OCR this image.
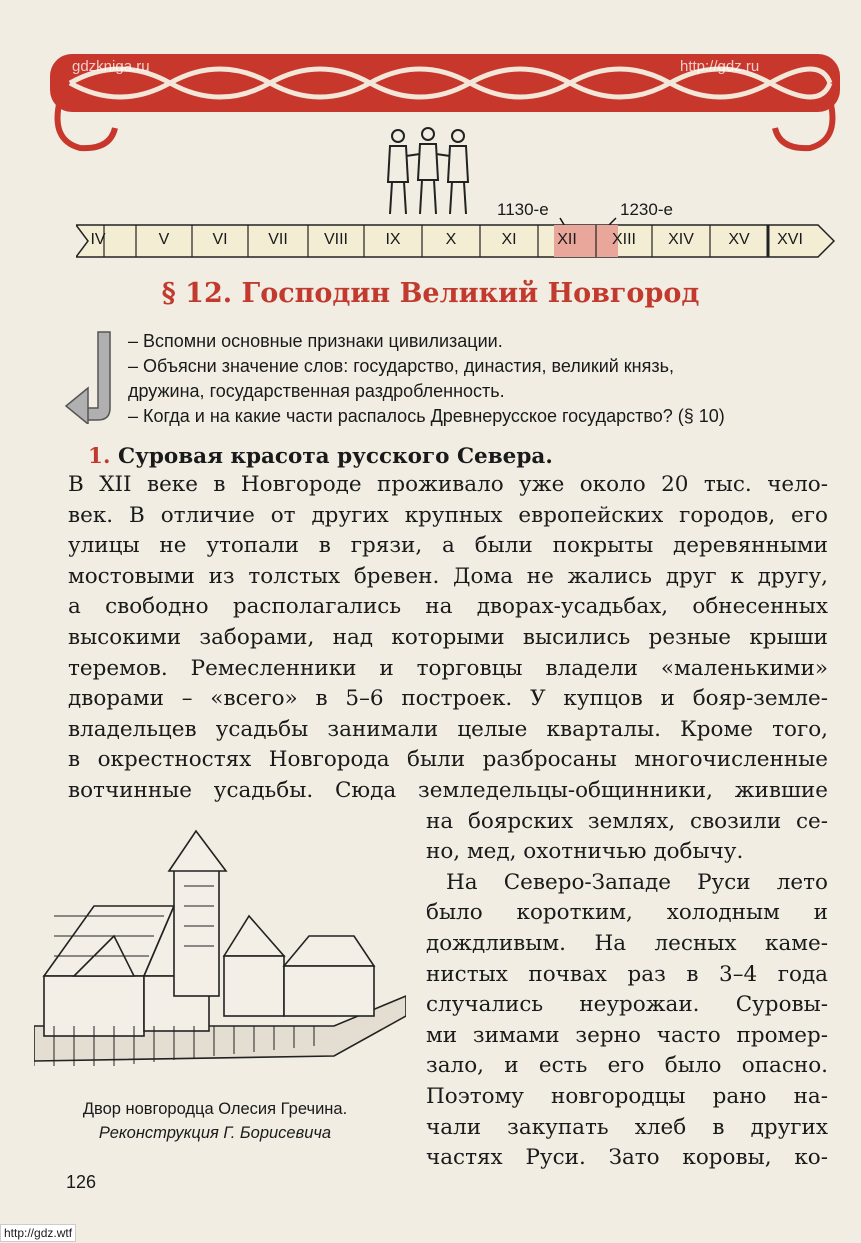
gdzkniga.ru	http://gdz.ru
1130-е	1230-е
IV	V	VI	VII	VIII	IX	X	XI	XII	XIII	XIV	XV	XVI
§ 12. Господин Великий Новгород
– Вспомни основные признаки цивилизации.
– Объясни значение слов: государство, династия, великий князь,
дружина, государственная раздробленность.
– Когда и на какие части распалось Древнерусское государство? (§ 10)
1. Суровая красота русского Севера.
В XII веке в Новгороде проживало уже около 20 тыс. чело-
век. В отличие от других крупных европейских городов, его
улицы не утопали в грязи, а были покрыты деревянными
мостовыми из толстых бревен. Дома не жались друг к другу,
а свободно располагались на дворах-усадьбах, обнесенных
высокими заборами, над которыми высились резные крыши
теремов. Ремесленники и торговцы владели «маленькими»
дворами – «всего» в 5–6 построек. У купцов и бояр-земле-
владельцев усадьбы занимали целые кварталы. Кроме того,
в окрестностях Новгорода были разбросаны многочисленные
вотчинные усадьбы. Сюда земледельцы-общинники, жившие
на боярских землях, свозили се-
но, мед, охотничью добычу.
На Северо-Западе Руси лето
было коротким, холодным и
дождливым. На лесных каме-
нистых почвах раз в 3–4 года
случались неурожаи. Суровы-
ми зимами зерно часто промер-
зало, и есть его было опасно.
Поэтому новгородцы рано на-
чали закупать хлеб в других
частях Руси. Зато коровы, ко-
Двор новгородца Олесия Гречина.
Реконструкция Г. Борисевича
126
http://gdz.wtf
